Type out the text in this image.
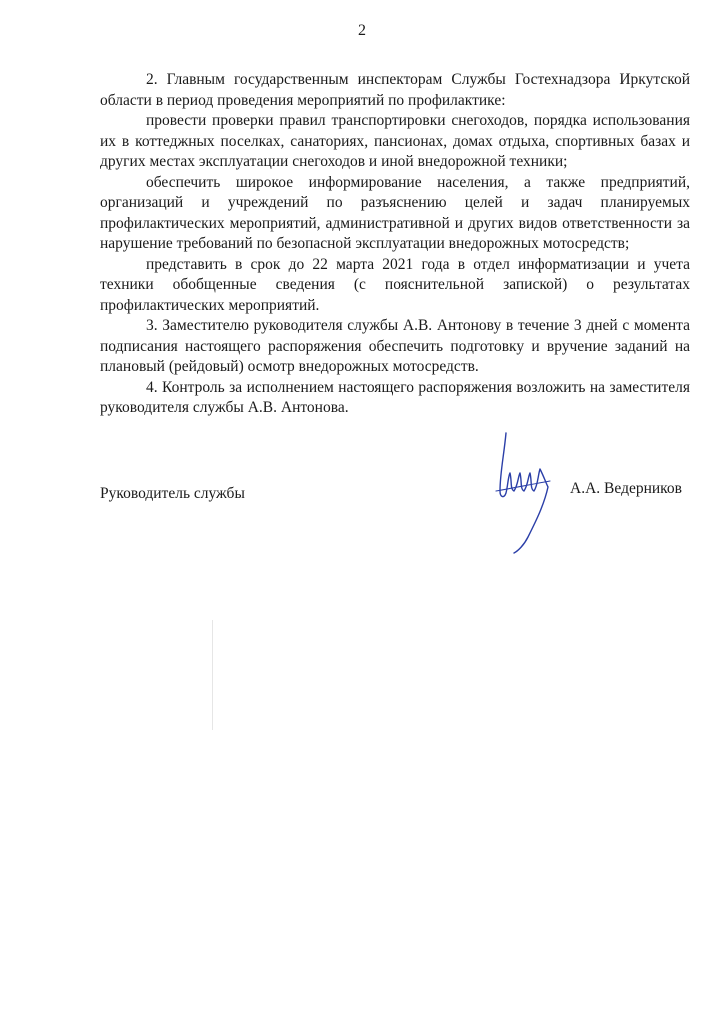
2

2. Главным государственным инспекторам Службы Гостехнадзора Иркутской области в период проведения мероприятий по профилактике:

провести проверки правил транспортировки снегоходов, порядка использования их в коттеджных поселках, санаториях, пансионах, домах отдыха, спортивных базах и других местах эксплуатации снегоходов и иной внедорожной техники;

обеспечить широкое информирование населения, а также предприятий, организаций и учреждений по разъяснению целей и задач планируемых профилактических мероприятий, административной и других видов ответственности за нарушение требований по безопасной эксплуатации внедорожных мотосредств;

представить в срок до 22 марта 2021 года в отдел информатизации и учета техники обобщенные сведения (с пояснительной запиской) о результатах профилактических мероприятий.

3. Заместителю руководителя службы А.В. Антонову в течение 3 дней с момента подписания настоящего распоряжения обеспечить подготовку и вручение заданий на плановый (рейдовый) осмотр внедорожных мотосредств.

4. Контроль за исполнением настоящего распоряжения возложить на заместителя руководителя службы А.В. Антонова.

Руководитель службы	А.А. Ведерников
